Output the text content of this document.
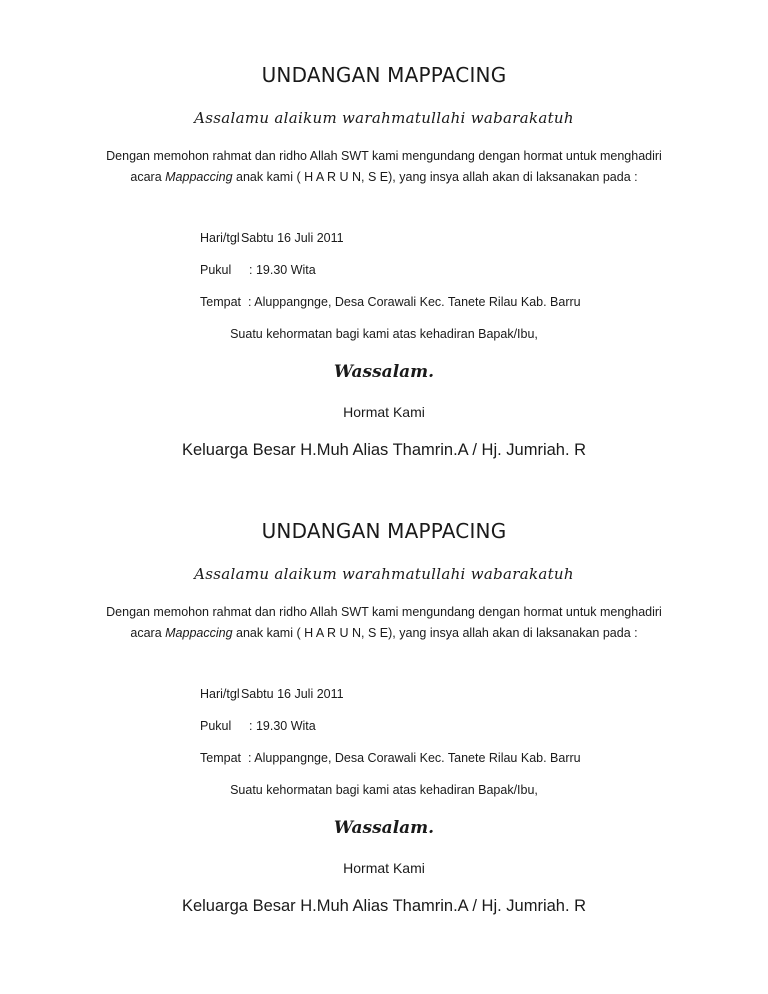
UNDANGAN MAPPACING

Assalamu alaikum warahmatullahi wabarakatuh

Dengan memohon rahmat dan ridho Allah SWT kami mengundang dengan hormat untuk menghadiri
acara Mappaccing anak kami ( H A R U N, S E), yang insya allah akan di laksanakan pada :

Hari/tgl: Sabtu 16 Juli 2011

Pukul : 19.30 Wita

Tempat : Aluppangnge, Desa Corawali Kec. Tanete Rilau Kab. Barru

Suatu kehormatan bagi kami atas kehadiran Bapak/Ibu,

Wassalam.

Hormat Kami

Keluarga Besar H.Muh Alias Thamrin.A / Hj. Jumriah. R

UNDANGAN MAPPACING

Assalamu alaikum warahmatullahi wabarakatuh

Dengan memohon rahmat dan ridho Allah SWT kami mengundang dengan hormat untuk menghadiri
acara Mappaccing anak kami ( H A R U N, S E), yang insya allah akan di laksanakan pada :

Hari/tgl: Sabtu 16 Juli 2011

Pukul : 19.30 Wita

Tempat : Aluppangnge, Desa Corawali Kec. Tanete Rilau Kab. Barru

Suatu kehormatan bagi kami atas kehadiran Bapak/Ibu,

Wassalam.

Hormat Kami

Keluarga Besar H.Muh Alias Thamrin.A / Hj. Jumriah. R
